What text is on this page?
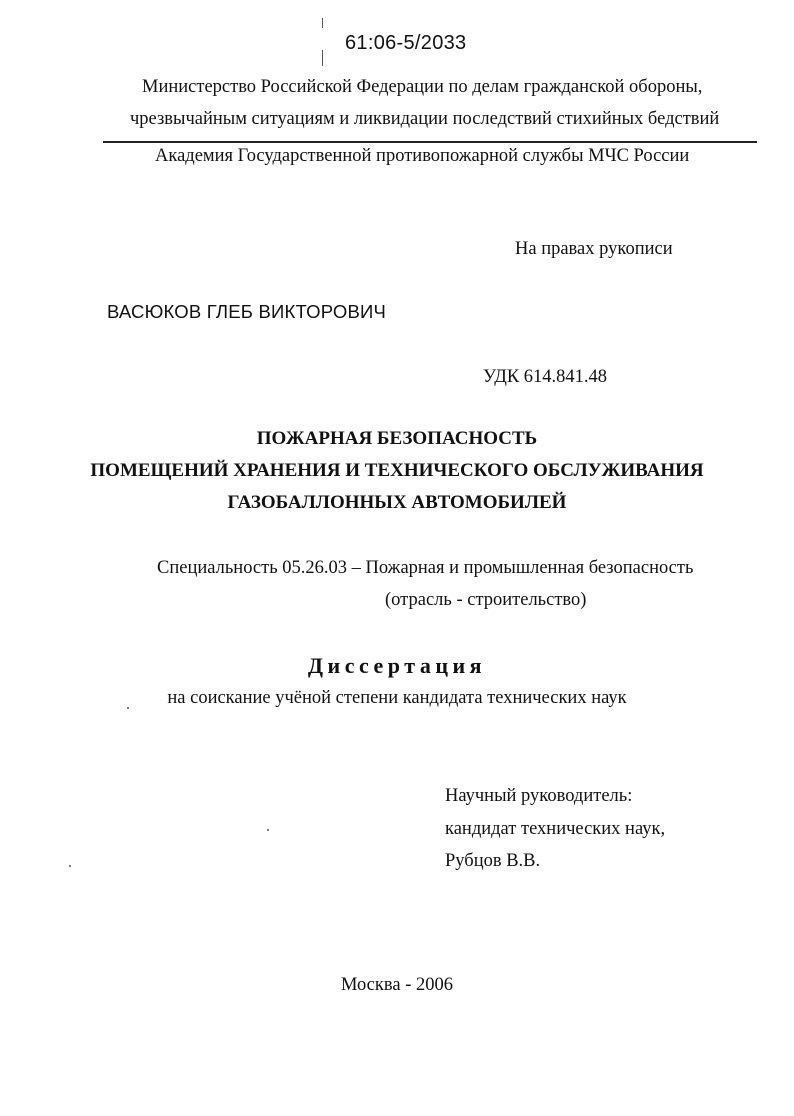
61:06-5/2033
Министерство Российской Федерации по делам гражданской обороны,
чрезвычайным ситуациям и ликвидации последствий стихийных бедствий
Академия Государственной противопожарной службы МЧС России
На правах рукописи
ВАСЮКОВ ГЛЕБ ВИКТОРОВИЧ
УДК 614.841.48
ПОЖАРНАЯ БЕЗОПАСНОСТЬ
ПОМЕЩЕНИЙ ХРАНЕНИЯ И ТЕХНИЧЕСКОГО ОБСЛУЖИВАНИЯ
ГАЗОБАЛЛОННЫХ АВТОМОБИЛЕЙ
Специальность 05.26.03 – Пожарная и промышленная безопасность
(отрасль - строительство)
Диссертация
на соискание учёной степени кандидата технических наук
Научный руководитель:
кандидат технических наук,
Рубцов В.В.
Москва - 2006
